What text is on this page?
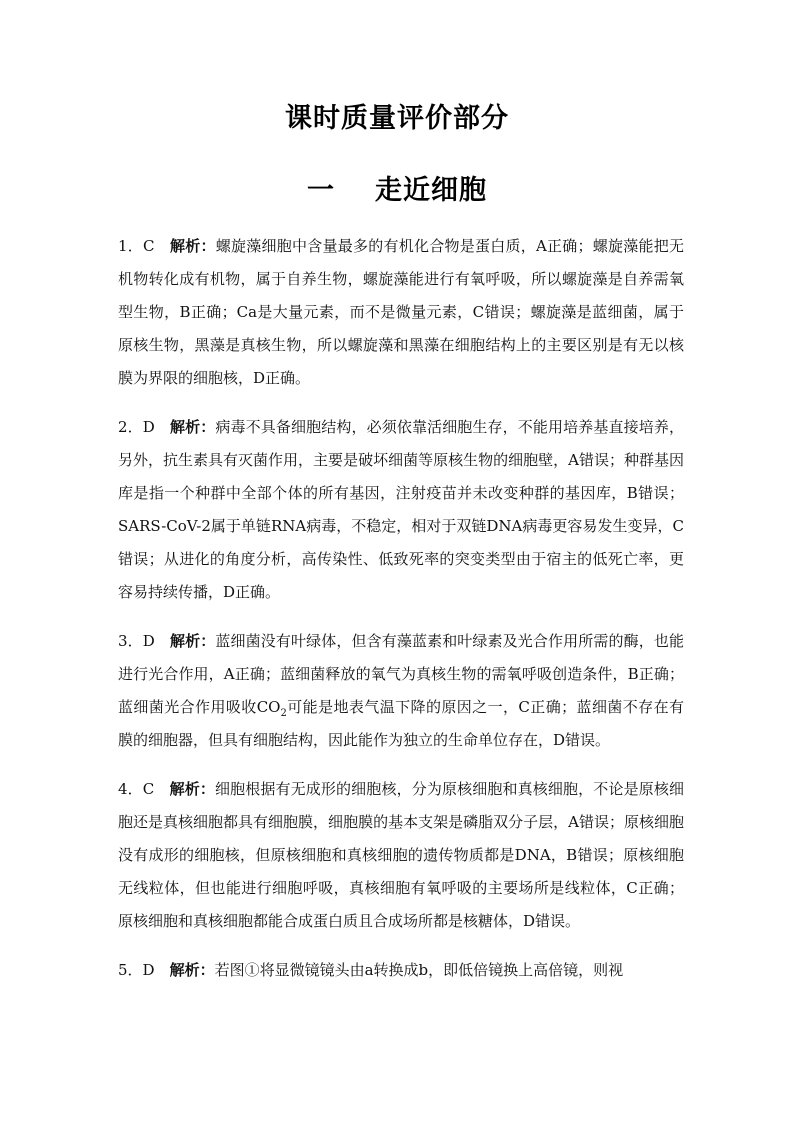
课时质量评价部分
一 走近细胞

1．C　解析：螺旋藻细胞中含量最多的有机化合物是蛋白质，A正确；螺旋藻能把无机物转化成有机物，属于自养生物，螺旋藻能进行有氧呼吸，所以螺旋藻是自养需氧型生物，B正确；Ca是大量元素，而不是微量元素，C错误；螺旋藻是蓝细菌，属于原核生物，黑藻是真核生物，所以螺旋藻和黑藻在细胞结构上的主要区别是有无以核膜为界限的细胞核，D正确。

2．D　解析：病毒不具备细胞结构，必须依靠活细胞生存，不能用培养基直接培养，另外，抗生素具有灭菌作用，主要是破坏细菌等原核生物的细胞壁，A错误；种群基因库是指一个种群中全部个体的所有基因，注射疫苗并未改变种群的基因库，B错误；SARS-CoV-2属于单链RNA病毒，不稳定，相对于双链DNA病毒更容易发生变异，C错误；从进化的角度分析，高传染性、低致死率的突变类型由于宿主的低死亡率，更容易持续传播，D正确。

3．D　解析：蓝细菌没有叶绿体，但含有藻蓝素和叶绿素及光合作用所需的酶，也能进行光合作用，A正确；蓝细菌释放的氧气为真核生物的需氧呼吸创造条件，B正确；蓝细菌光合作用吸收$CO_2$可能是地表气温下降的原因之一，C正确；蓝细菌不存在有膜的细胞器，但具有细胞结构，因此能作为独立的生命单位存在，D错误。

4．C　解析：细胞根据有无成形的细胞核，分为原核细胞和真核细胞，不论是原核细胞还是真核细胞都具有细胞膜，细胞膜的基本支架是磷脂双分子层，A错误；原核细胞没有成形的细胞核，但原核细胞和真核细胞的遗传物质都是DNA，B错误；原核细胞无线粒体，但也能进行细胞呼吸，真核细胞有氧呼吸的主要场所是线粒体，C正确；原核细胞和真核细胞都能合成蛋白质且合成场所都是核糖体，D错误。

5．D　解析：若图①将显微镜镜头由a转换成b，即低倍镜换上高倍镜，则视
